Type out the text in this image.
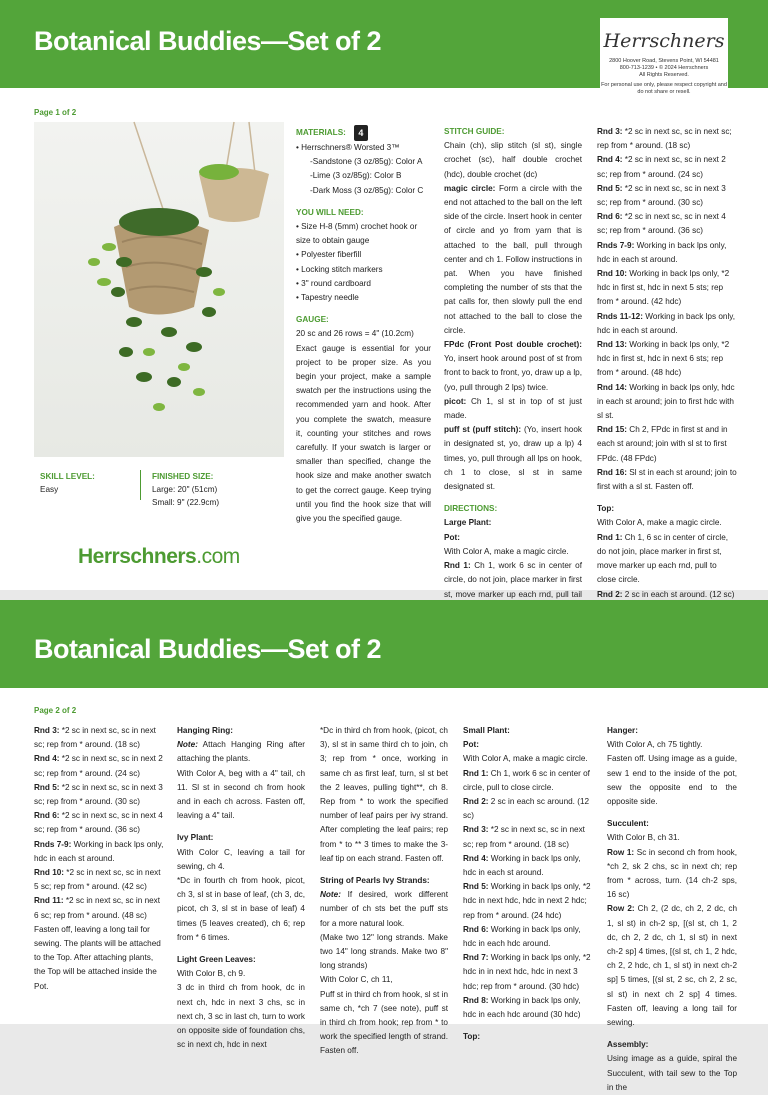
Botanical Buddies—Set of 2	Herrschners
2800 Hoover Road, Stevens Point, WI 54481
800-713-1239 • © 2024 Herrschners
All Rights Reserved.
For personal use only, please respect copyright and do not share or resell.
Page 1 of 2
SKILL LEVEL:
Easy
FINISHED SIZE:
Large: 20" (51cm)
Small: 9" (22.9cm)
Herrschners.com

MATERIALS: 4

• Herrschners® Worsted 3™

-Sandstone (3 oz/85g): Color A

-Lime (3 oz/85g): Color B

-Dark Moss (3 oz/85g): Color C

YOU WILL NEED:

• Size H-8 (5mm) crochet hook or size to obtain gauge

• Polyester fiberfill

• Locking stitch markers

• 3" round cardboard

• Tapestry needle

GAUGE:

20 sc and 26 rows = 4" (10.2cm)

Exact gauge is essential for your project to be proper size. As you begin your project, make a sample swatch per the instructions using the recommended yarn and hook. After you complete the swatch, measure it, counting your stitches and rows carefully. If your swatch is larger or smaller than specified, change the hook size and make another swatch to get the correct gauge. Keep trying until you find the hook size that will give you the specified gauge.

STITCH GUIDE:

Chain (ch), slip stitch (sl st), single crochet (sc), half double crochet (hdc), double crochet (dc)

magic circle: Form a circle with the end not attached to the ball on the left side of the circle. Insert hook in center of circle and yo from yarn that is attached to the ball, pull through center and ch 1. Follow instructions in pat. When you have finished completing the number of sts that the pat calls for, then slowly pull the end not attached to the ball to close the circle.

FPdc (Front Post double crochet): Yo, insert hook around post of st from front to back to front, yo, draw up a lp, (yo, pull through 2 lps) twice.

picot: Ch 1, sl st in top of st just made.

puff st (puff stitch): (Yo, insert hook in designated st, yo, draw up a lp) 4 times, yo, pull through all lps on hook, ch 1 to close, sl st in same designated st.

DIRECTIONS:

Large Plant:

Pot:

With Color A, make a magic circle.

Rnd 1: Ch 1, work 6 sc in center of circle, do not join, place marker in first st, move marker up each rnd, pull tail

Rnd 3: *2 sc in next sc, sc in next sc; rep from * around. (18 sc)

Rnd 4: *2 sc in next sc, sc in next 2 sc; rep from * around. (24 sc)

Rnd 5: *2 sc in next sc, sc in next 3 sc; rep from * around. (30 sc)

Rnd 6: *2 sc in next sc, sc in next 4 sc; rep from * around. (36 sc)

Rnds 7-9: Working in back lps only, hdc in each st around.

Rnd 10: Working in back lps only, *2 hdc in first st, hdc in next 5 sts; rep from * around. (42 hdc)

Rnds 11-12: Working in back lps only, hdc in each st around.

Rnd 13: Working in back lps only, *2 hdc in first st, hdc in next 6 sts; rep from * around. (48 hdc)

Rnd 14: Working in back lps only, hdc in each st around; join to first hdc with sl st.

Rnd 15: Ch 2, FPdc in first st and in each st around; join with sl st to first FPdc. (48 FPdc)

Rnd 16: Sl st in each st around; join to first with a sl st. Fasten off.

Top:

With Color A, make a magic circle.

Rnd 1: Ch 1, 6 sc in center of circle, do not join, place marker in first st, move marker up each rnd, pull to close circle.

Rnd 2: 2 sc in each st around. (12 sc)

Botanical Buddies—Set of 2
Page 2 of 2

Rnd 3: *2 sc in next sc, sc in next sc; rep from * around. (18 sc)

Rnd 4: *2 sc in next sc, sc in next 2 sc; rep from * around. (24 sc)

Rnd 5: *2 sc in next sc, sc in next 3 sc; rep from * around. (30 sc)

Rnd 6: *2 sc in next sc, sc in next 4 sc; rep from * around. (36 sc)

Rnds 7-9: Working in back lps only, hdc in each st around.

Rnd 10: *2 sc in next sc, sc in next 5 sc; rep from * around. (42 sc)

Rnd 11: *2 sc in next sc, sc in next 6 sc; rep from * around. (48 sc)

Fasten off, leaving a long tail for sewing. The plants will be attached to the Top. After attaching plants, the Top will be attached inside the Pot.

Hanging Ring:

Note: Attach Hanging Ring after attaching the plants.

With Color A, beg with a 4" tail, ch 11. Sl st in second ch from hook and in each ch across. Fasten off, leaving a 4" tail.

Ivy Plant:

With Color C, leaving a tail for sewing, ch 4.

*Dc in fourth ch from hook, picot, ch 3, sl st in base of leaf, (ch 3, dc, picot, ch 3, sl st in base of leaf) 4 times (5 leaves created), ch 6; rep from * 6 times.

Light Green Leaves:

With Color B, ch 9.

3 dc in third ch from hook, dc in next ch, hdc in next 3 chs, sc in next ch, 3 sc in last ch, turn to work on opposite side of foundation chs, sc in next ch, hdc in next

*Dc in third ch from hook, (picot, ch 3), sl st in same third ch to join, ch 3; rep from * once, working in same ch as first leaf, turn, sl st bet the 2 leaves, pulling tight**, ch 8. Rep from * to work the specified number of leaf pairs per ivy strand. After completing the leaf pairs; rep from * to ** 3 times to make the 3-leaf tip on each strand. Fasten off.

String of Pearls Ivy Strands:

Note: If desired, work different number of ch sts bet the puff sts for a more natural look.

(Make two 12" long strands. Make two 14" long strands. Make two 8" long strands)

With Color C, ch 11,

Puff st in third ch from hook, sl st in same ch, *ch 7 (see note), puff st in third ch from hook; rep from * to work the specified length of strand. Fasten off.

Small Plant:

Pot:

With Color A, make a magic circle.

Rnd 1: Ch 1, work 6 sc in center of circle, pull to close circle.

Rnd 2: 2 sc in each sc around. (12 sc)

Rnd 3: *2 sc in next sc, sc in next sc; rep from * around. (18 sc)

Rnd 4: Working in back lps only, hdc in each st around.

Rnd 5: Working in back lps only, *2 hdc in next hdc, hdc in next 2 hdc; rep from * around. (24 hdc)

Rnd 6: Working in back lps only, hdc in each hdc around.

Rnd 7: Working in back lps only, *2 hdc in in next hdc, hdc in next 3 hdc; rep from * around. (30 hdc)

Rnd 8: Working in back lps only, hdc in each hdc around (30 hdc)

Top:

Hanger:

With Color A, ch 75 tightly.

Fasten off. Using image as a guide, sew 1 end to the inside of the pot, sew the opposite end to the opposite side.

Succulent:

With Color B, ch 31.

Row 1: Sc in second ch from hook, *ch 2, sk 2 chs, sc in next ch; rep from * across, turn. (14 ch-2 sps, 16 sc)

Row 2: Ch 2, (2 dc, ch 2, 2 dc, ch 1, sl st) in ch-2 sp, [(sl st, ch 1, 2 dc, ch 2, 2 dc, ch 1, sl st) in next ch-2 sp] 4 times, [(sl st, ch 1, 2 hdc, ch 2, 2 hdc, ch 1, sl st) in next ch-2 sp] 5 times, [(sl st, 2 sc, ch 2, 2 sc, sl st) in next ch 2 sp] 4 times. Fasten off, leaving a long tail for sewing.

Assembly:

Using image as a guide, spiral the Succulent, with tail sew to the Top in the
